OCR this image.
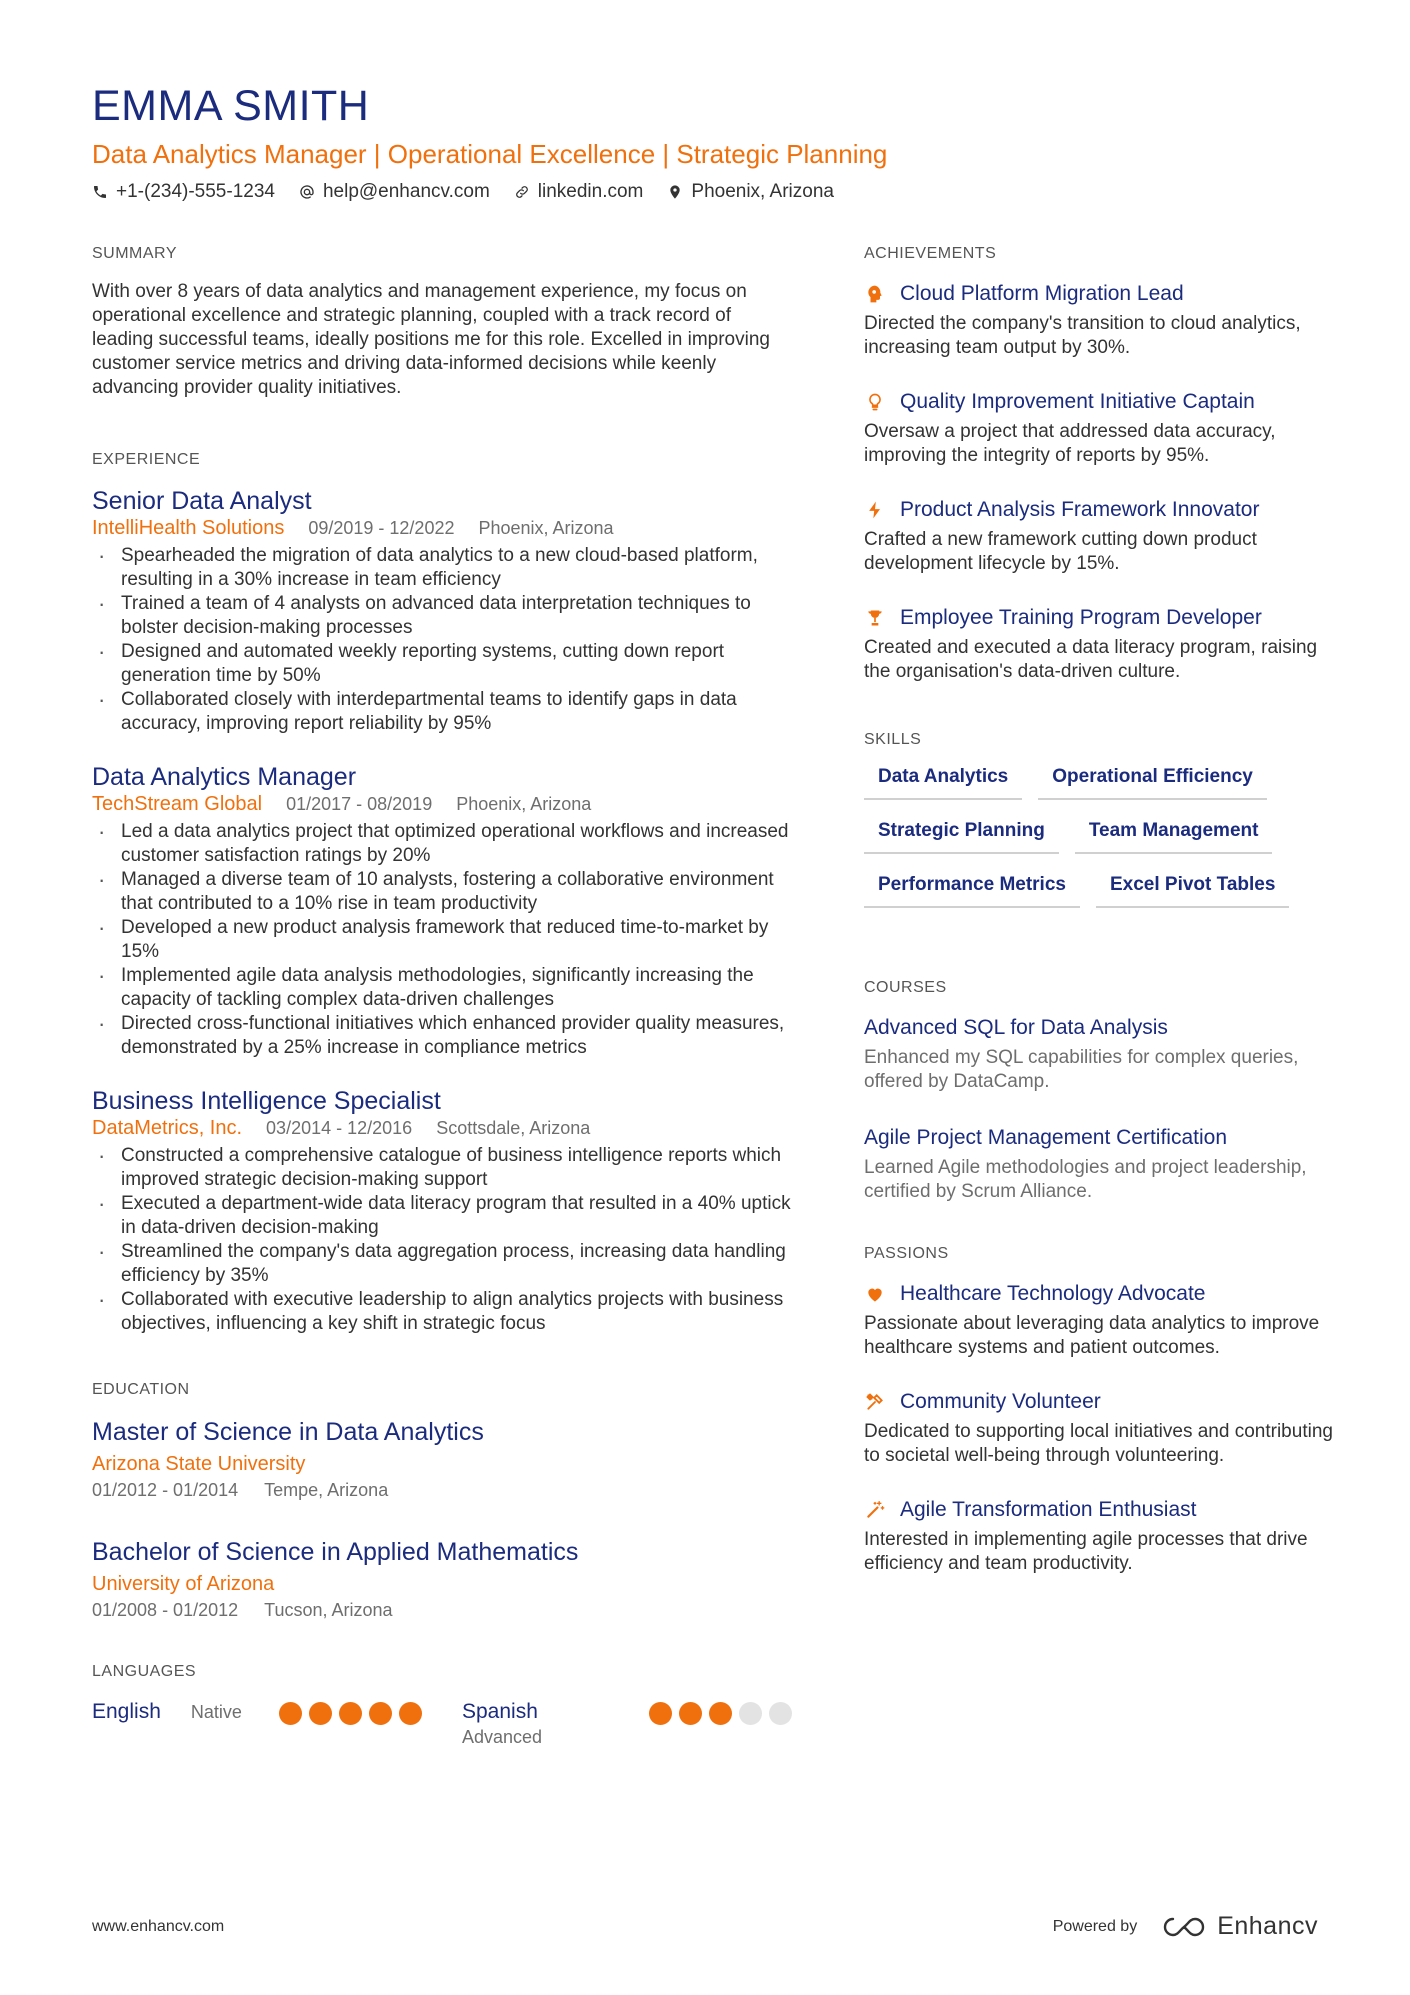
EMMA SMITH
Data Analytics Manager | Operational Excellence | Strategic Planning
+1-(234)-555-1234	help@enhancv.com	linkedin.com	Phoenix, Arizona
SUMMARY
With over 8 years of data analytics and management experience, my focus on operational excellence and strategic planning, coupled with a track record of leading successful teams, ideally positions me for this role. Excelled in improving customer service metrics and driving data-informed decisions while keenly advancing provider quality initiatives.
EXPERIENCE
Senior Data Analyst
IntelliHealth Solutions 09/2019 - 12/2022 Phoenix, Arizona
· Spearheaded the migration of data analytics to a new cloud-based platform, resulting in a 30% increase in team efficiency
· Trained a team of 4 analysts on advanced data interpretation techniques to bolster decision-making processes
· Designed and automated weekly reporting systems, cutting down report generation time by 50%
· Collaborated closely with interdepartmental teams to identify gaps in data accuracy, improving report reliability by 95%
Data Analytics Manager
TechStream Global 01/2017 - 08/2019 Phoenix, Arizona
· Led a data analytics project that optimized operational workflows and increased customer satisfaction ratings by 20%
· Managed a diverse team of 10 analysts, fostering a collaborative environment that contributed to a 10% rise in team productivity
· Developed a new product analysis framework that reduced time-to-market by 15%
· Implemented agile data analysis methodologies, significantly increasing the capacity of tackling complex data-driven challenges
· Directed cross-functional initiatives which enhanced provider quality measures, demonstrated by a 25% increase in compliance metrics
Business Intelligence Specialist
DataMetrics, Inc. 03/2014 - 12/2016 Scottsdale, Arizona
· Constructed a comprehensive catalogue of business intelligence reports which improved strategic decision-making support
· Executed a department-wide data literacy program that resulted in a 40% uptick in data-driven decision-making
· Streamlined the company's data aggregation process, increasing data handling efficiency by 35%
· Collaborated with executive leadership to align analytics projects with business objectives, influencing a key shift in strategic focus
EDUCATION
Master of Science in Data Analytics
Arizona State University
01/2012 - 01/2014 Tempe, Arizona
Bachelor of Science in Applied Mathematics
University of Arizona
01/2008 - 01/2012 Tucson, Arizona
LANGUAGES
English Native	Spanish
Advanced
ACHIEVEMENTS
Cloud Platform Migration Lead
Directed the company's transition to cloud analytics, increasing team output by 30%.
Quality Improvement Initiative Captain
Oversaw a project that addressed data accuracy, improving the integrity of reports by 95%.
Product Analysis Framework Innovator
Crafted a new framework cutting down product development lifecycle by 15%.
Employee Training Program Developer
Created and executed a data literacy program, raising the organisation's data-driven culture.
SKILLS
Data Analytics	Operational Efficiency
Strategic Planning	Team Management
Performance Metrics	Excel Pivot Tables
COURSES
Advanced SQL for Data Analysis
Enhanced my SQL capabilities for complex queries, offered by DataCamp.
Agile Project Management Certification
Learned Agile methodologies and project leadership, certified by Scrum Alliance.
PASSIONS
Healthcare Technology Advocate
Passionate about leveraging data analytics to improve healthcare systems and patient outcomes.
Community Volunteer
Dedicated to supporting local initiatives and contributing to societal well-being through volunteering.
Agile Transformation Enthusiast
Interested in implementing agile processes that drive efficiency and team productivity.
www.enhancv.com	Powered by	Enhancv
